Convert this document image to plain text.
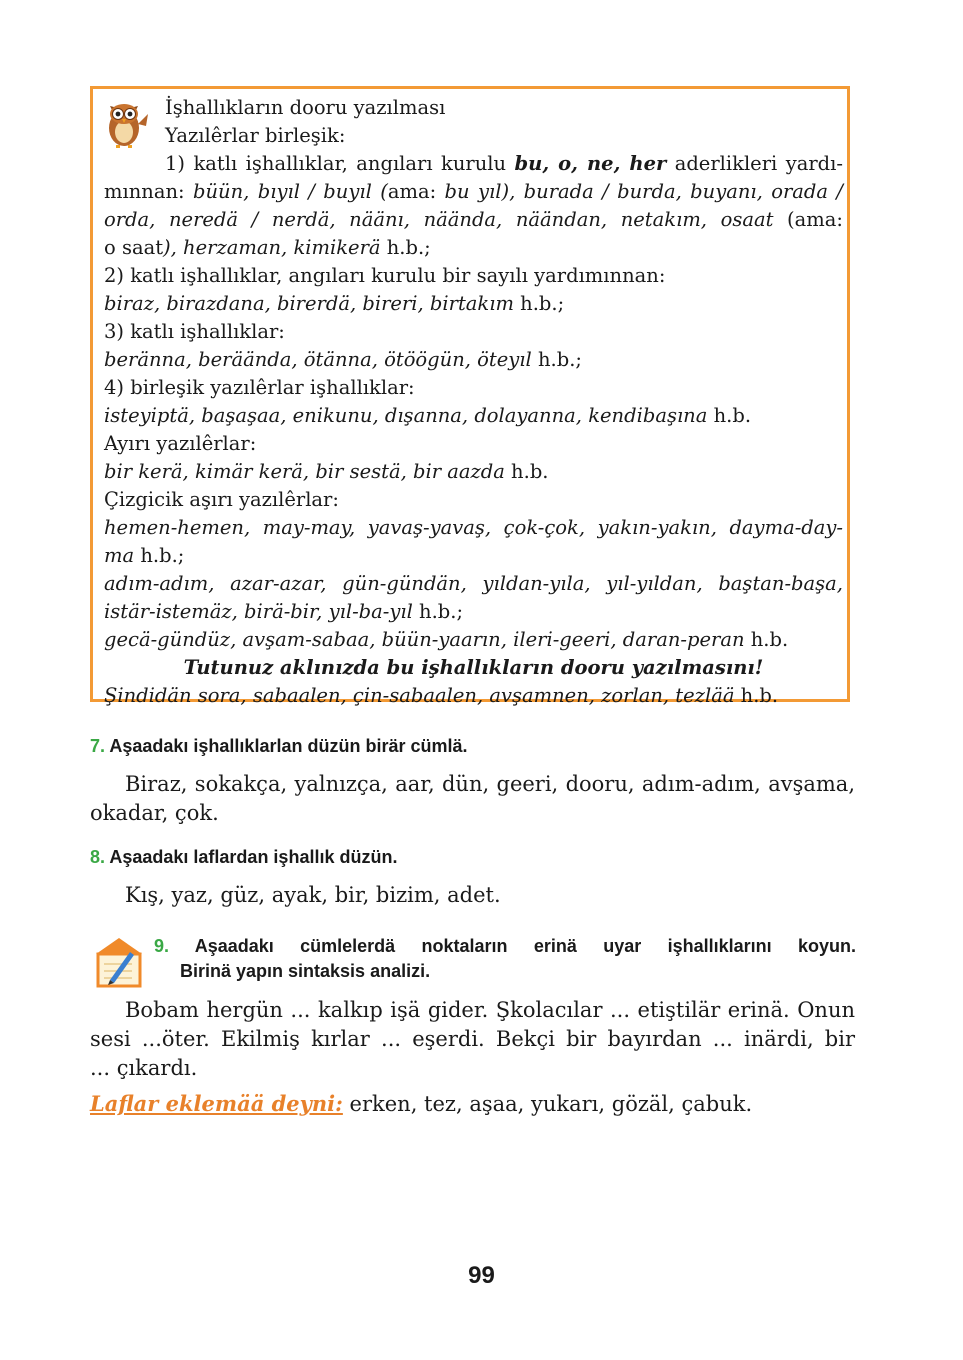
İşhallıkların dooru yazılması
Yazılêrlar birleşik:
1) katlı işhallıklar, angıları kurulu bu, o, ne, her aderlikleri yardı-
mınnan: büün, bıyıl / buyıl (ama: bu yıl), burada / burda, buyanı, orada /
orda, neredä / nerdä, näänı, näända, näändan, netakım, osaat (ama:
o saat), herzaman, kimikerä h.b.;
2) katlı işhallıklar, angıları kurulu bir sayılı yardımınnan:
biraz, birazdana, birerdä, bireri, birtakım h.b.;
3) katlı işhallıklar:
beränna, beräända, ötänna, ötöögün, öteyıl h.b.;
4) birleşik yazılêrlar işhallıklar:
isteyiptä, başaşaa, enikunu, dışanna, dolayanna, kendibaşına h.b.
Ayırı yazılêrlar:
bir kerä, kimär kerä, bir sestä, bir aazda h.b.
Çizgicik aşırı yazılêrlar:
hemen-hemen, may-may, yavaş-yavaş, çok-çok, yakın-yakın, dayma-day-
ma h.b.;
adım-adım, azar-azar, gün-gündän, yıldan-yıla, yıl-yıldan, baştan-başa,
istär-istemäz, birä-bir, yıl-ba-yıl h.b.;
gecä-gündüz, avşam-sabaa, büün-yaarın, ileri-geeri, daran-peran h.b.
Tutunuz aklınızda bu işhallıkların dooru yazılmasını!
Şindidän sora, sabaalen, çin-sabaalen, avşamnen, zorlan, tezlää h.b.
7. Aşaadakı işhallıklarlan düzün birär cümlä.
Biraz, sokakça, yalnızça, aar, dün, geeri, dooru, adım-adım, avşama,
okadar, çok.
8. Aşaadakı laflardan işhallık düzün.
Kış, yaz, güz, ayak, bir, bizim, adet.
9. Aşaadakı cümlelerdä noktaların erinä uyar işhallıklarını koyun.
Birinä yapın sintaksis analizi.
Bobam hergün ... kalkıp işä gider. Şkolacılar ... etiştilär erinä. Onun
sesi ...öter. Ekilmiş kırlar ... eşerdi. Bekçi bir bayırdan ... inärdi, bir
... çıkardı.
Laflar eklemää deyni: erken, tez, aşaa, yukarı, gözäl, çabuk.
99
